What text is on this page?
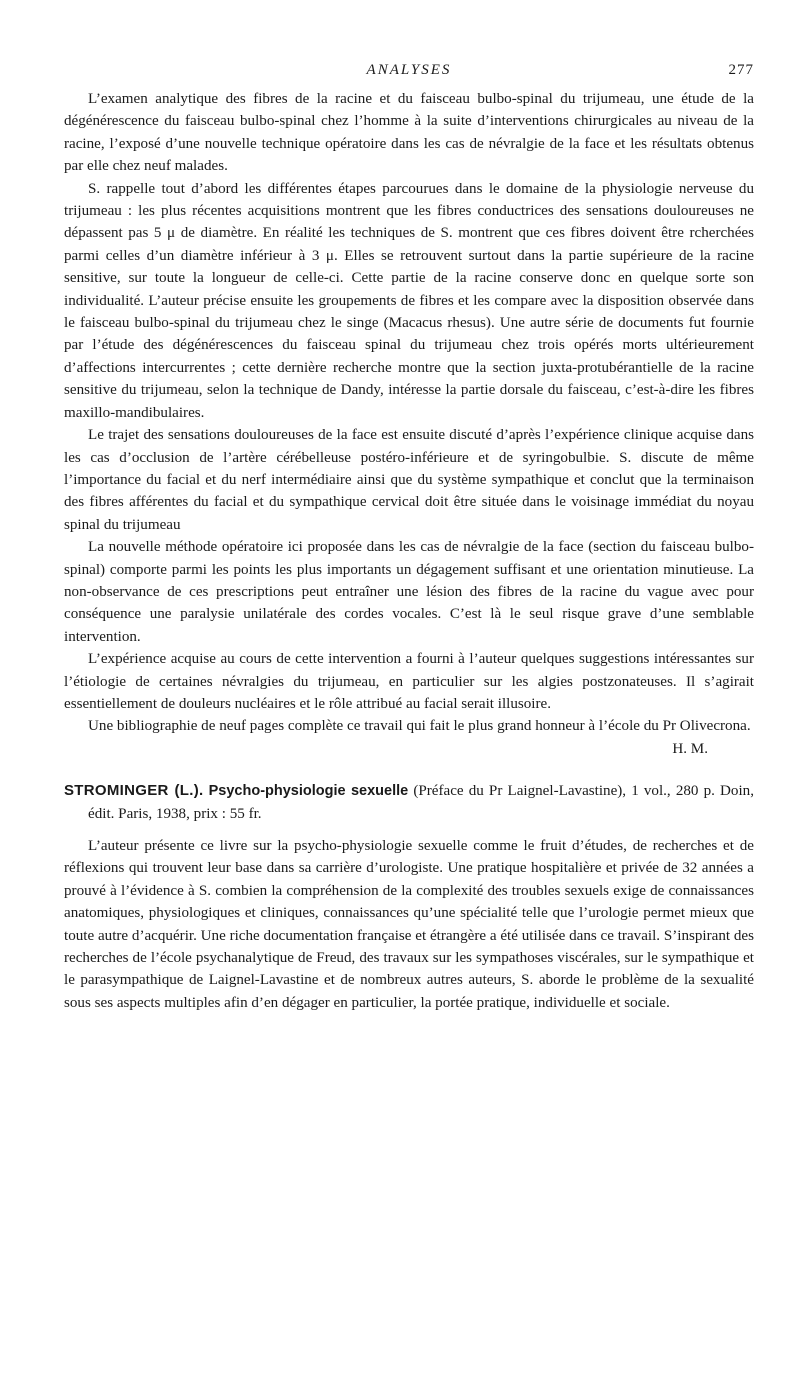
ANALYSES	277

L’examen analytique des fibres de la racine et du faisceau bulbo-spinal du trijumeau, une étude de la dégénérescence du faisceau bulbo-spinal chez l’homme à la suite d’interventions chirurgicales au niveau de la racine, l’exposé d’une nouvelle technique opératoire dans les cas de névralgie de la face et les résultats obtenus par elle chez neuf malades.

S. rappelle tout d’abord les différentes étapes parcourues dans le domaine de la physiologie nerveuse du trijumeau : les plus récentes acquisitions montrent que les fibres conductrices des sensations douloureuses ne dépassent pas 5 μ de diamètre. En réalité les techniques de S. montrent que ces fibres doivent être rcherchées parmi celles d’un diamètre inférieur à 3 μ. Elles se retrouvent surtout dans la partie supérieure de la racine sensitive, sur toute la longueur de celle-ci. Cette partie de la racine conserve donc en quelque sorte son individualité. L’auteur précise ensuite les groupements de fibres et les compare avec la disposition observée dans le faisceau bulbo-spinal du trijumeau chez le singe (Macacus rhesus). Une autre série de documents fut fournie par l’étude des dégénérescences du faisceau spinal du trijumeau chez trois opérés morts ultérieurement d’affections intercurrentes ; cette dernière recherche montre que la section juxta-protubérantielle de la racine sensitive du trijumeau, selon la technique de Dandy, intéresse la partie dorsale du faisceau, c’est-à-dire les fibres maxillo-mandibulaires.

Le trajet des sensations douloureuses de la face est ensuite discuté d’après l’expérience clinique acquise dans les cas d’occlusion de l’artère cérébelleuse postéro-inférieure et de syringobulbie. S. discute de même l’importance du facial et du nerf intermédiaire ainsi que du système sympathique et conclut que la terminaison des fibres afférentes du facial et du sympathique cervical doit être située dans le voisinage immédiat du noyau spinal du trijumeau

La nouvelle méthode opératoire ici proposée dans les cas de névralgie de la face (section du faisceau bulbo-spinal) comporte parmi les points les plus importants un dégagement suffisant et une orientation minutieuse. La non-observance de ces prescriptions peut entraîner une lésion des fibres de la racine du vague avec pour conséquence une paralysie unilatérale des cordes vocales. C’est là le seul risque grave d’une semblable intervention.

L’expérience acquise au cours de cette intervention a fourni à l’auteur quelques suggestions intéressantes sur l’étiologie de certaines névralgies du trijumeau, en particulier sur les algies postzonateuses. Il s’agirait essentiellement de douleurs nucléaires et le rôle attribué au facial serait illusoire.

Une bibliographie de neuf pages complète ce travail qui fait le plus grand honneur à l’école du Pr Olivecrona.

H. M.

STROMINGER (L.). Psycho-physiologie sexuelle (Préface du Pr Laignel-Lavastine), 1 vol., 280 p. Doin, édit. Paris, 1938, prix : 55 fr.

L’auteur présente ce livre sur la psycho-physiologie sexuelle comme le fruit d’études, de recherches et de réflexions qui trouvent leur base dans sa carrière d’urologiste. Une pratique hospitalière et privée de 32 années a prouvé à l’évidence à S. combien la compréhension de la complexité des troubles sexuels exige de connaissances anatomiques, physiologiques et cliniques, connaissances qu’une spécialité telle que l’urologie permet mieux que toute autre d’acquérir. Une riche documentation française et étrangère a été utilisée dans ce travail. S’inspirant des recherches de l’école psychanalytique de Freud, des travaux sur les sympathoses viscérales, sur le sympathique et le parasympathique de Laignel-Lavastine et de nombreux autres auteurs, S. aborde le problème de la sexualité sous ses aspects multiples afin d’en dégager en particulier, la portée pratique, individuelle et sociale.
